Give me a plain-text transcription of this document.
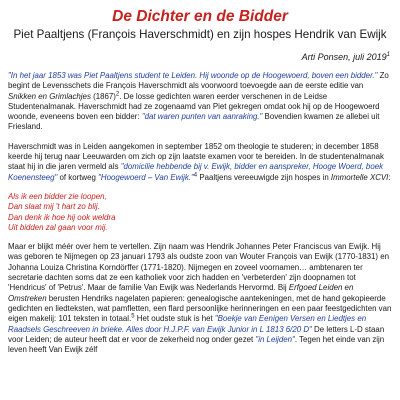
De Dichter en de Bidder
Piet Paaltjens (François Haverschmidt) en zijn hospes Hendrik van Ewijk
Arti Ponsen, juli 2019$^1$

"In het jaar 1853 was Piet Paaltjens student te Leiden. Hij woonde op de Hoogewoerd, boven een bidder." Zo begint de Levensschets die François Haverschmidt als voorwoord toevoegde aan de eerste editie van Snikken en Grimlachjes $(1867)^2$. De losse gedichten waren eerder verschenen in de Leidse Studentenalmanak. Haverschmidt had ze zogenaamd van Piet gekregen omdat ook hij op de Hoogewoerd woonde, eveneens boven een bidder: "dat waren punten van aanraking." Bovendien kwamen ze allebei uit Friesland.

Haverschmidt was in Leiden aangekomen in september 1852 om theologie te studeren; in december 1858 keerde hij terug naar Leeuwarden om zich op zijn laatste examen voor te bereiden. In de studentenalmanak staat hij in die jaren vermeld als "domicilie hebbende bij v. Ewijk, bidder en aanspreker, Hooge Woerd, boek Koenensteeg" of kortweg "Hoogewoerd – Van Ewijk."$^4$ Paaltjens vereeuwigde zijn hospes in Immortelle XCVI:

Als ik een bidder zie loopen,
Dan slaat mij 't hart zo blij.
Dan denk ik hoe hij ook weldra
Uit bidden zal gaan voor mij.

Maar er blijkt méér over hem te vertellen. Zijn naam was Hendrik Johannes Peter Franciscus van Ewijk. Hij was geboren te Nijmegen op 23 januari 1793 als oudste zoon van Wouter François van Ewijk (1770-1831) en Johanna Louiza Christina Korndörffer (1771-1820). Nijmegen en zoveel voornamen… ambtenaren ter secretarie dachten soms dat ze een katholiek voor zich hadden en 'verbeterden' zijn doopnamen tot 'Hendricus' of 'Petrus'. Maar de familie Van Ewijk was Nederlands Hervormd. Bij Erfgoed Leiden en Omstreken berusten Hendriks nagelaten papieren: genealogische aantekeningen, met de hand gekopieerde gedichten en liedteksten, wat pamfletten, een flard persoonlijke herinneringen en een paar feestgedichten van eigen makelij: 101 teksten in totaal.$^5$ Het oudste stuk is het "Boekje van Eenigen Versen en Liedtjes en Raadsels Geschreeven in brieke. Alles door H.J.P.F. van Ewijk Junior in L 1813 6/20 D" De letters L-D staan voor Leiden; de auteur heeft dat er voor de zekerheid nog onder gezet "in Leijden". Tegen het einde van zijn leven heeft Van Ewijk zélf
